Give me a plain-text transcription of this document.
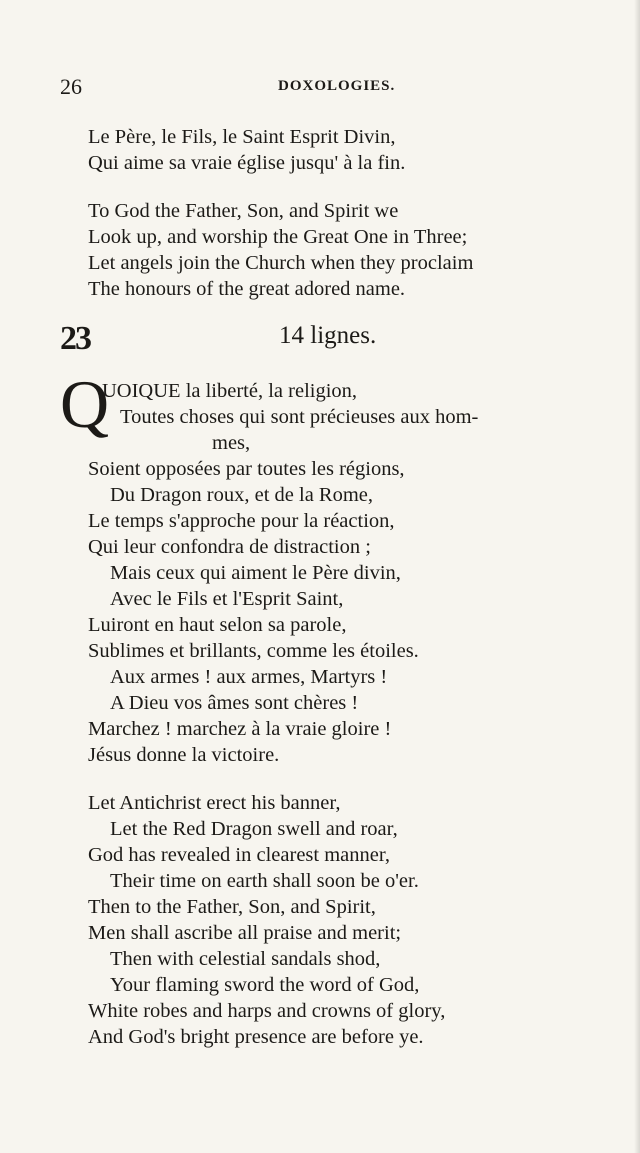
26	DOXOLOGIES.
Le Père, le Fils, le Saint Esprit Divin,
Qui aime sa vraie église jusqu' à la fin.
To God the Father, Son, and Spirit we
Look up, and worship the Great One in Three;
Let angels join the Church when they proclaim
The honours of the great adored name.
23	14 lignes.
Q
UOIQUE la liberté, la religion,
Toutes choses qui sont précieuses aux hom-
mes,
Soient opposées par toutes les régions,
Du Dragon roux, et de la Rome,
Le temps s'approche pour la réaction,
Qui leur confondra de distraction ;
Mais ceux qui aiment le Père divin,
Avec le Fils et l'Esprit Saint,
Luiront en haut selon sa parole,
Sublimes et brillants, comme les étoiles.
Aux armes ! aux armes, Martyrs !
A Dieu vos âmes sont chères !
Marchez ! marchez à la vraie gloire !
Jésus donne la victoire.
Let Antichrist erect his banner,
Let the Red Dragon swell and roar,
God has revealed in clearest manner,
Their time on earth shall soon be o'er.
Then to the Father, Son, and Spirit,
Men shall ascribe all praise and merit;
Then with celestial sandals shod,
Your flaming sword the word of God,
White robes and harps and crowns of glory,
And God's bright presence are before ye.
